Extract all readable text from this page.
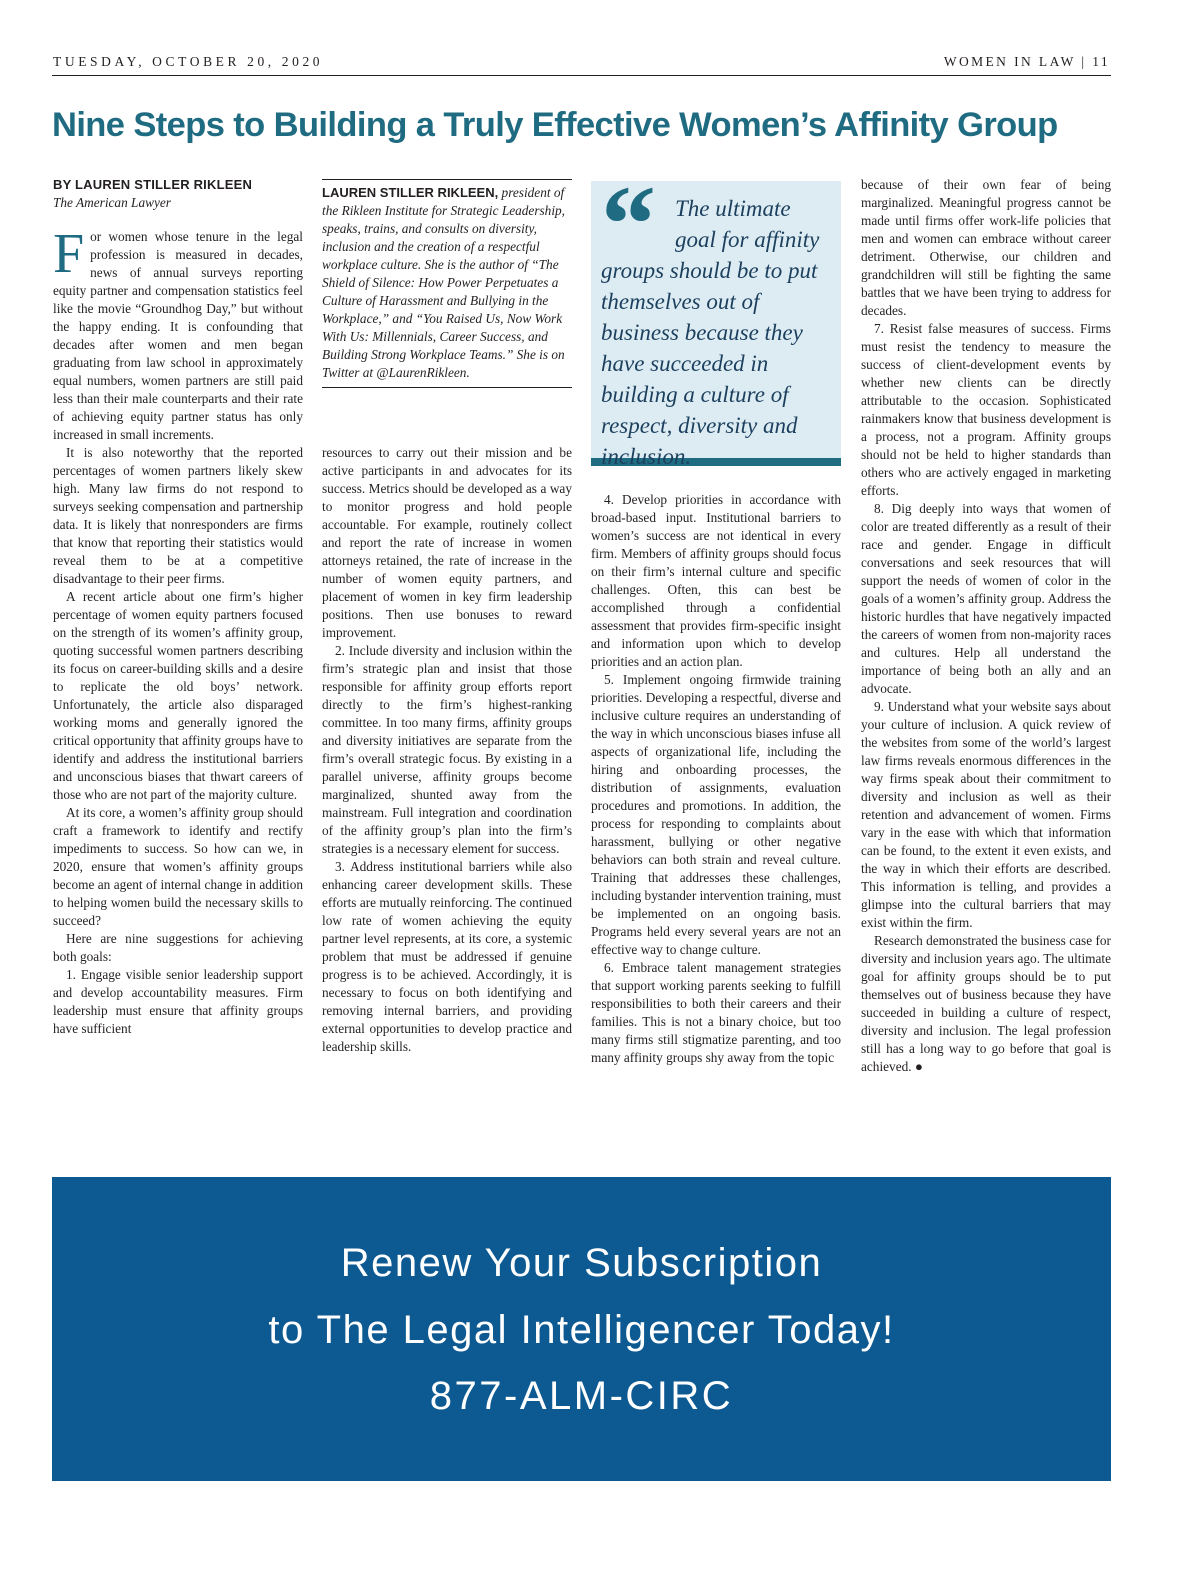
TUESDAY, OCTOBER 20, 2020	WOMEN IN LAW | 11
Nine Steps to Building a Truly Effective Women’s Affinity Group
BY LAUREN STILLER RIKLEEN
The American Lawyer

For women whose tenure in the legal profession is measured in decades, news of annual surveys reporting equity partner and compensation statistics feel like the movie “Groundhog Day,” but without the happy ending. It is confounding that decades after women and men began graduating from law school in approximately equal numbers, women partners are still paid less than their male counterparts and their rate of achieving equity partner status has only increased in small increments.

It is also noteworthy that the reported percentages of women partners likely skew high. Many law firms do not respond to surveys seeking compensation and partnership data. It is likely that nonresponders are firms that know that reporting their statistics would reveal them to be at a competitive disadvantage to their peer firms.

A recent article about one firm’s higher percentage of women equity partners focused on the strength of its women’s affinity group, quoting successful women partners describing its focus on career-building skills and a desire to replicate the old boys’ network. Unfortunately, the article also disparaged working moms and generally ignored the critical opportunity that affinity groups have to identify and address the institutional barriers and unconscious biases that thwart careers of those who are not part of the majority culture.

At its core, a women’s affinity group should craft a framework to identify and rectify impediments to success. So how can we, in 2020, ensure that women’s affinity groups become an agent of internal change in addition to helping women build the necessary skills to succeed?

Here are nine suggestions for achieving both goals:

1. Engage visible senior leadership support and develop accountability measures. Firm leadership must ensure that affinity groups have sufficient

LAUREN STILLER RIKLEEN, president of the Rikleen Institute for Strategic Leadership, speaks, trains, and consults on diversity, inclusion and the creation of a respectful workplace culture. She is the author of “The Shield of Silence: How Power Perpetuates a Culture of Harassment and Bullying in the Workplace,” and “You Raised Us, Now Work With Us: Millennials, Career Success, and Building Strong Workplace Teams.” She is on Twitter at @LaurenRikleen.

resources to carry out their mission and be active participants in and advocates for its success. Metrics should be developed as a way to monitor progress and hold people accountable. For example, routinely collect and report the rate of increase in women attorneys retained, the rate of increase in the number of women equity partners, and placement of women in key firm leadership positions. Then use bonuses to reward improvement.

2. Include diversity and inclusion within the firm’s strategic plan and insist that those responsible for affinity group efforts report directly to the firm’s highest-ranking committee. In too many firms, affinity groups and diversity initiatives are separate from the firm’s overall strategic focus. By existing in a parallel universe, affinity groups become marginalized, shunted away from the mainstream. Full integration and coordination of the affinity group’s plan into the firm’s strategies is a necessary element for success.

3. Address institutional barriers while also enhancing career development skills. These efforts are mutually reinforcing. The continued low rate of women achieving the equity partner level represents, at its core, a systemic problem that must be addressed if genuine progress is to be achieved. Accordingly, it is necessary to focus on both identifying and removing internal barriers, and providing external opportunities to develop practice and leadership skills.

“ The ultimate goal for affinity
groups should be to put themselves out of business because they have succeeded in building a culture of respect, diversity and inclusion.

4. Develop priorities in accordance with broad-based input. Institutional barriers to women’s success are not identical in every firm. Members of affinity groups should focus on their firm’s internal culture and specific challenges. Often, this can best be accomplished through a confidential assessment that provides firm-specific insight and information upon which to develop priorities and an action plan.

5. Implement ongoing firmwide training priorities. Developing a respectful, diverse and inclusive culture requires an understanding of the way in which unconscious biases infuse all aspects of organizational life, including the hiring and onboarding processes, the distribution of assignments, evaluation procedures and promotions. In addition, the process for responding to complaints about harassment, bullying or other negative behaviors can both strain and reveal culture. Training that addresses these challenges, including bystander intervention training, must be implemented on an ongoing basis. Programs held every several years are not an effective way to change culture.

6. Embrace talent management strategies that support working parents seeking to fulfill responsibilities to both their careers and their families. This is not a binary choice, but too many firms still stigmatize parenting, and too many affinity groups shy away from the topic

because of their own fear of being marginalized. Meaningful progress cannot be made until firms offer work-life policies that men and women can embrace without career detriment. Otherwise, our children and grandchildren will still be fighting the same battles that we have been trying to address for decades.

7. Resist false measures of success. Firms must resist the tendency to measure the success of client-development events by whether new clients can be directly attributable to the occasion. Sophisticated rainmakers know that business development is a process, not a program. Affinity groups should not be held to higher standards than others who are actively engaged in marketing efforts.

8. Dig deeply into ways that women of color are treated differently as a result of their race and gender. Engage in difficult conversations and seek resources that will support the needs of women of color in the goals of a women’s affinity group. Address the historic hurdles that have negatively impacted the careers of women from non-majority races and cultures. Help all understand the importance of being both an ally and an advocate.

9. Understand what your website says about your culture of inclusion. A quick review of the websites from some of the world’s largest law firms reveals enormous differences in the way firms speak about their commitment to diversity and inclusion as well as their retention and advancement of women. Firms vary in the ease with which that information can be found, to the extent it even exists, and the way in which their efforts are described. This information is telling, and provides a glimpse into the cultural barriers that may exist within the firm.

Research demonstrated the business case for diversity and inclusion years ago. The ultimate goal for affinity groups should be to put themselves out of business because they have succeeded in building a culture of respect, diversity and inclusion. The legal profession still has a long way to go before that goal is achieved. ●

Renew Your Subscription
to The Legal Intelligencer Today!
877-ALM-CIRC
